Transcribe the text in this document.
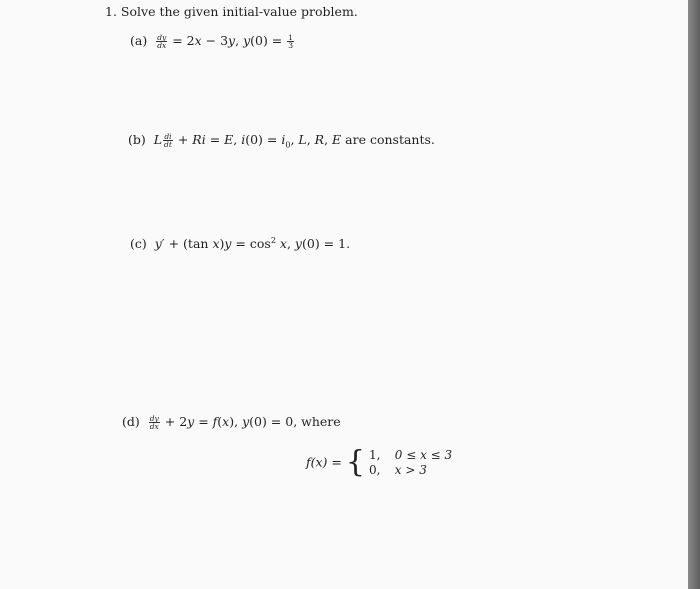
1. Solve the given initial-value problem.
$(a) \frac{dy}{dx} = 2x - 3y$, $y(0) = \frac{1}{3}$
(b) L $\frac{di}{dt} + Ri = E$, $i(0) = i_0$, L, R, E are constants.
(c) y′ + (tan $x)y = \cos^2 x$, y(0) = 1.
$(d) \frac{dy}{dx} + 2y = f(x)$, y(0) = 0, where
f(x) = { 1, 0 ≤ x ≤ 3
0, x > 3
